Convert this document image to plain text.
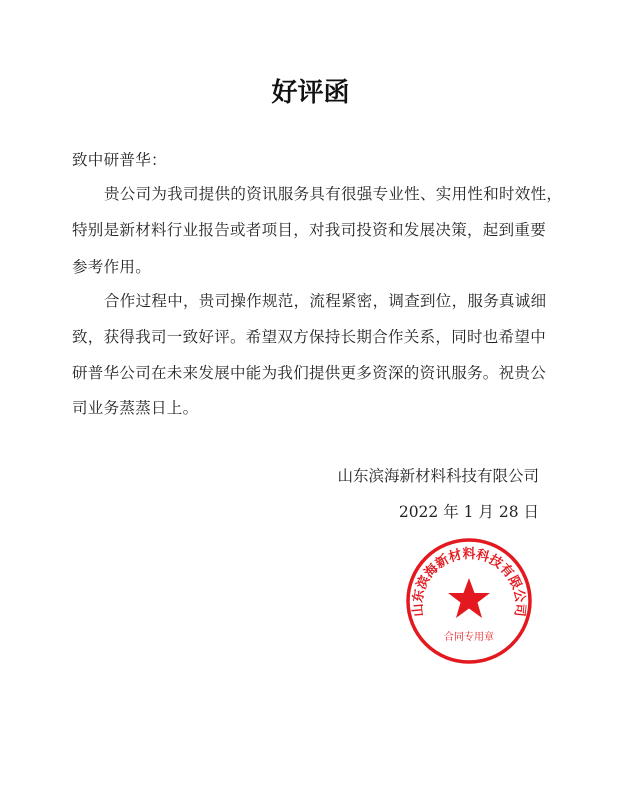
好评函
致中研普华：
贵公司为我司提供的资讯服务具有很强专业性、实用性和时效性，
特别是新材料行业报告或者项目，对我司投资和发展决策，起到重要
参考作用。
合作过程中，贵司操作规范，流程紧密，调查到位，服务真诚细
致，获得我司一致好评。希望双方保持长期合作关系，同时也希望中
研普华公司在未来发展中能为我们提供更多资深的资讯服务。祝贵公
司业务蒸蒸日上。
山东滨海新材料科技有限公司
2022 年 1 月 28 日
山东滨海新材料科技有限公司
合同专用章
